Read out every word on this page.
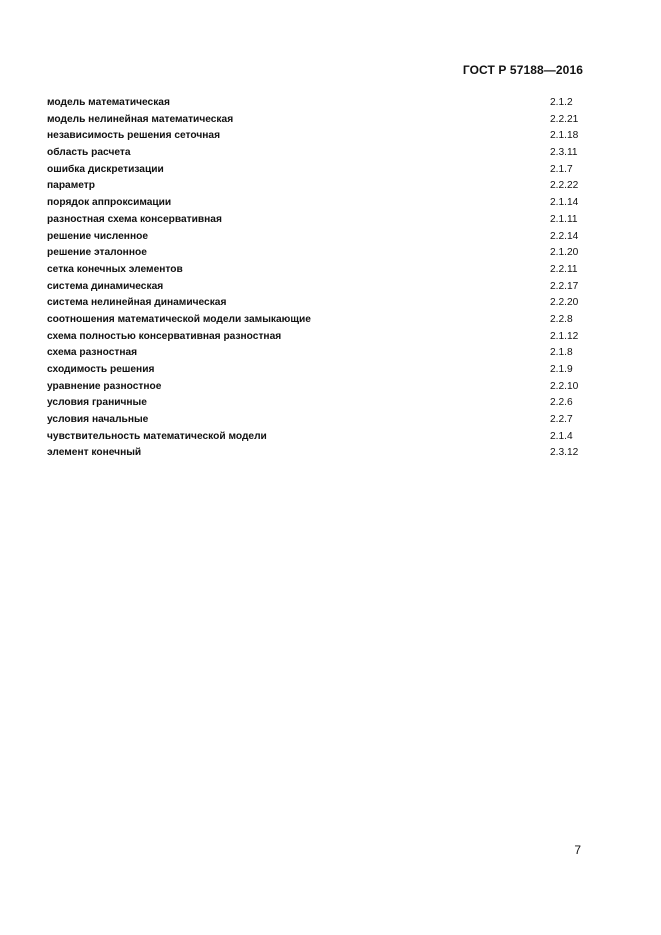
ГОСТ Р 57188—2016
модель математическая	2.1.2
модель нелинейная математическая	2.2.21
независимость решения сеточная	2.1.18
область расчета	2.3.11
ошибка дискретизации	2.1.7
параметр	2.2.22
порядок аппроксимации	2.1.14
разностная схема консервативная	2.1.11
решение численное	2.2.14
решение эталонное	2.1.20
сетка конечных элементов	2.2.11
система динамическая	2.2.17
система нелинейная динамическая	2.2.20
соотношения математической модели замыкающие	2.2.8
схема полностью консервативная разностная	2.1.12
схема разностная	2.1.8
сходимость решения	2.1.9
уравнение разностное	2.2.10
условия граничные	2.2.6
условия начальные	2.2.7
чувствительность математической модели	2.1.4
элемент конечный	2.3.12
7
